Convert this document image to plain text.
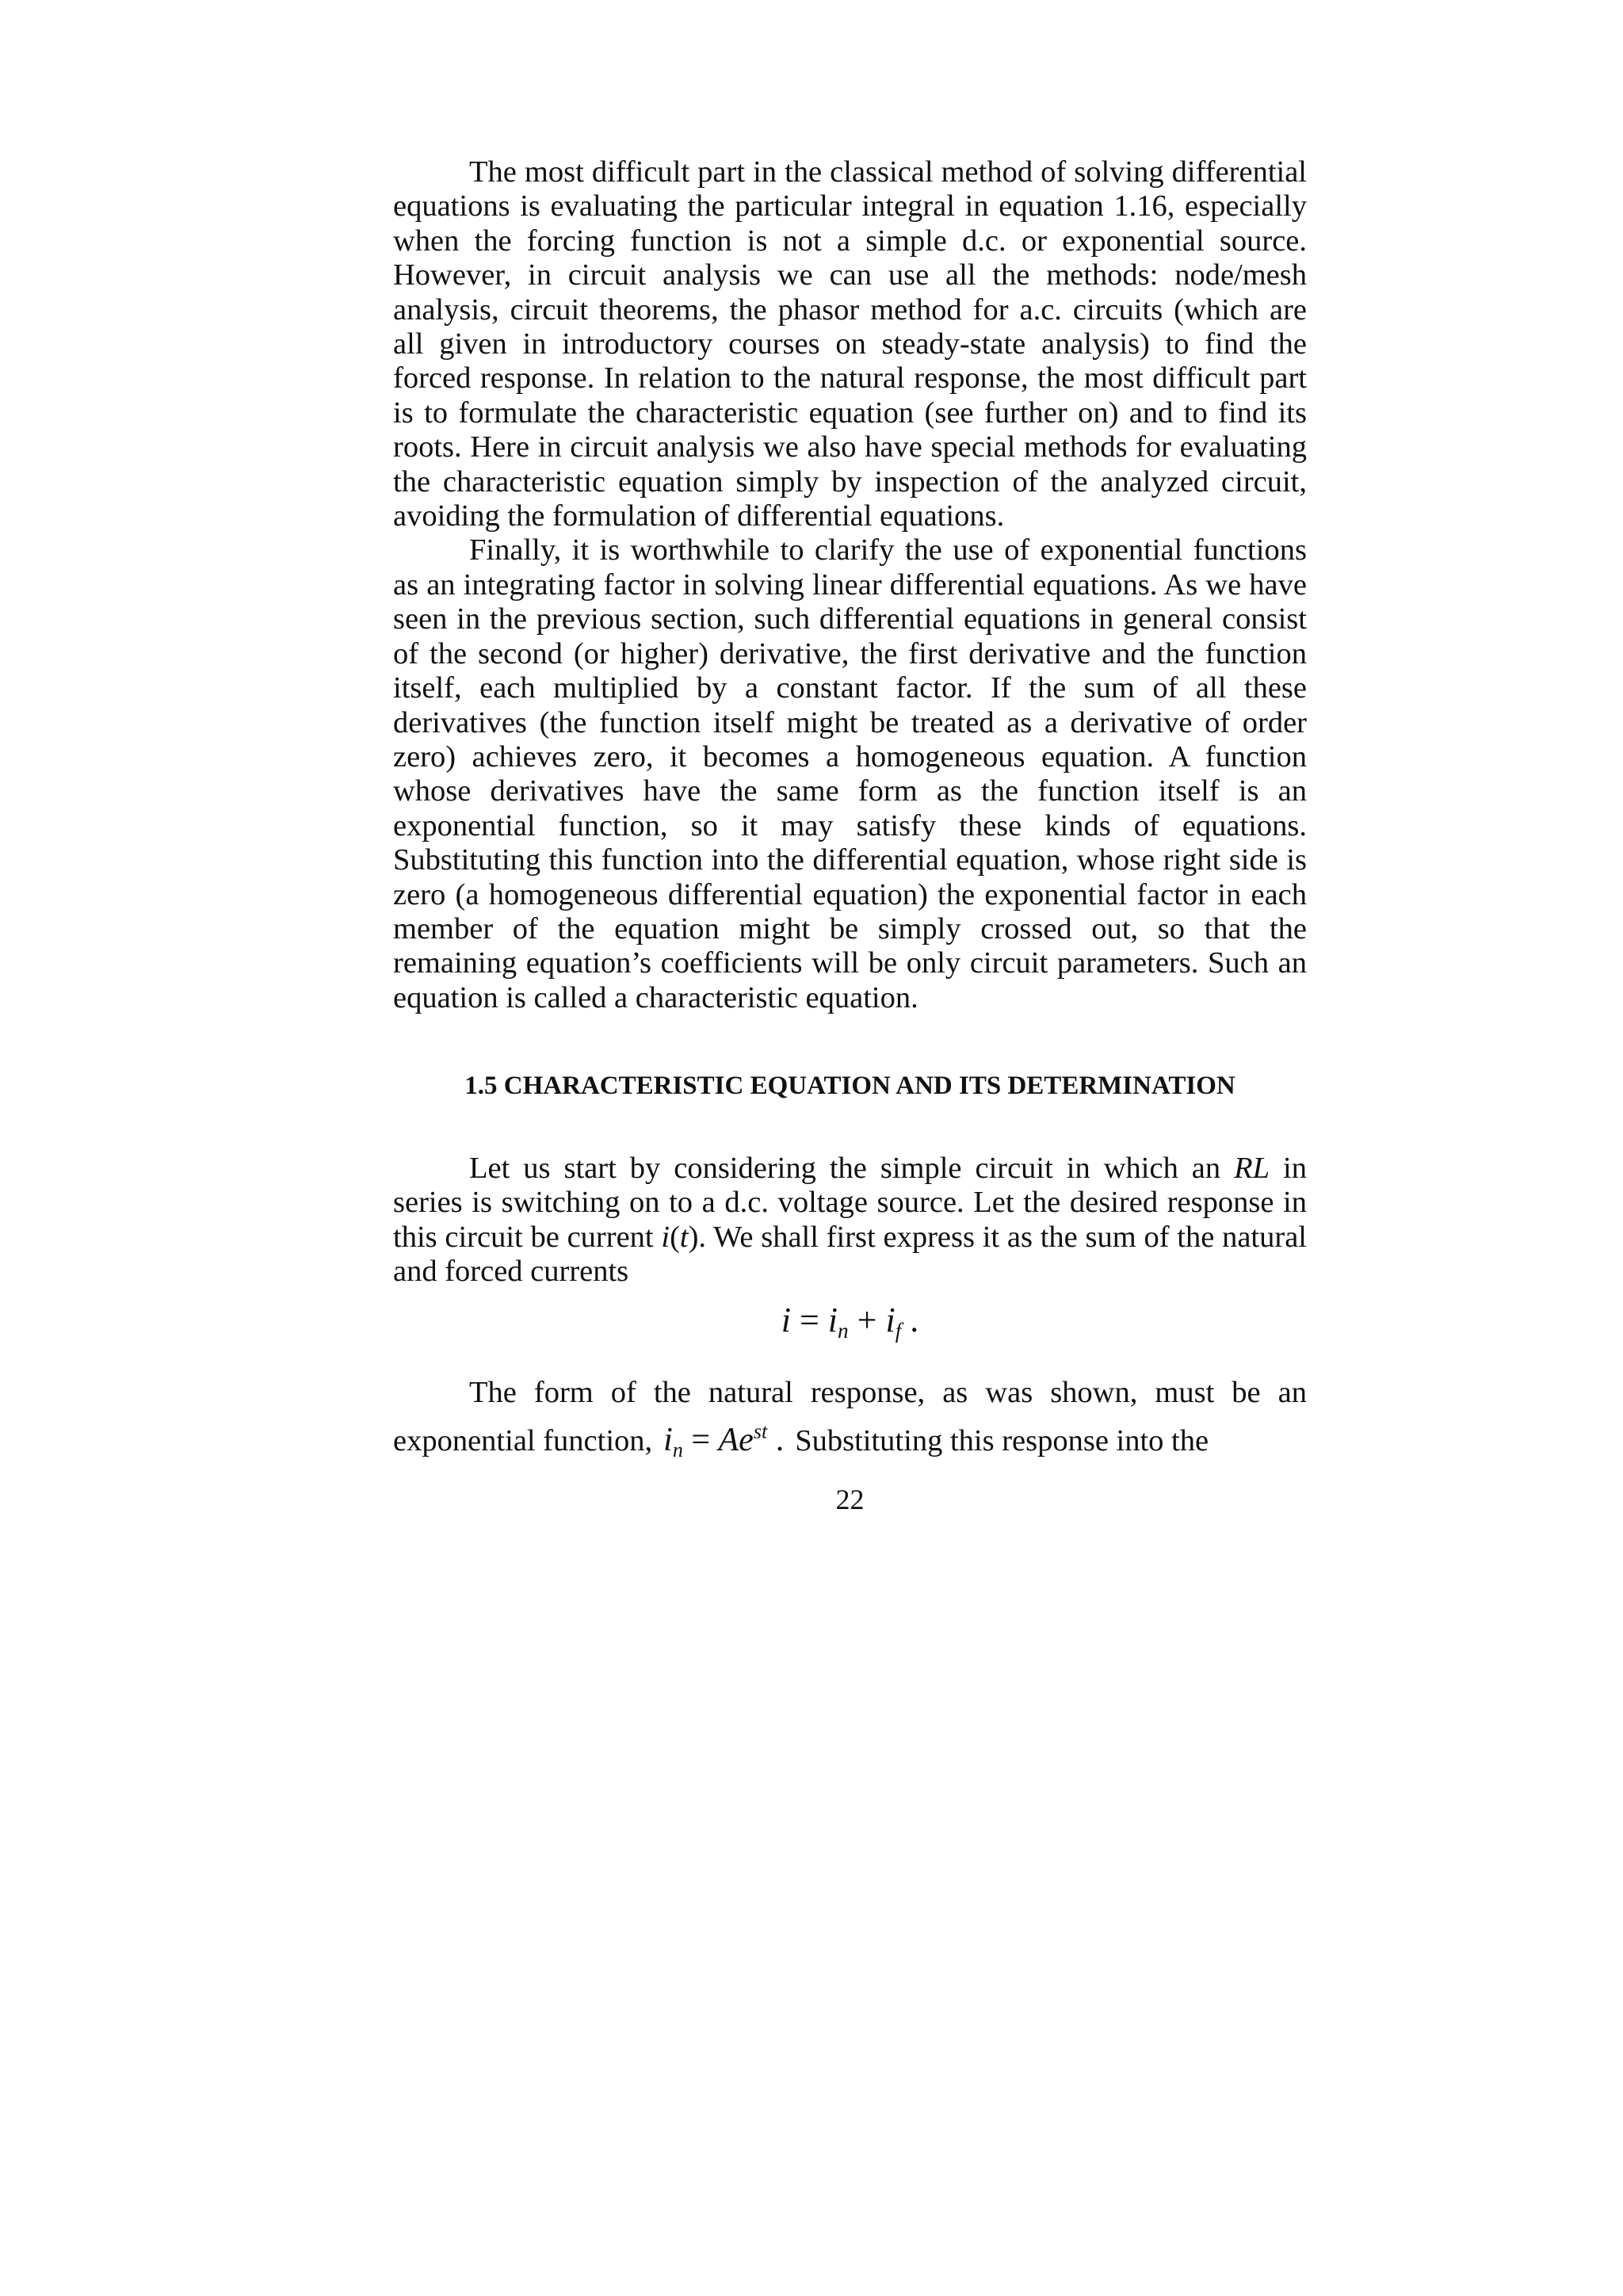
The most difficult part in the classical method of solving differential equations is evaluating the particular integral in equation 1.16, especially when the forcing function is not a simple d.c. or exponential source. However, in circuit analysis we can use all the methods: node/mesh analysis, circuit theorems, the phasor method for a.c. circuits (which are all given in introductory courses on steady-state analysis) to find the forced response. In relation to the natural response, the most difficult part is to formulate the characteristic equation (see further on) and to find its roots. Here in circuit analysis we also have special methods for evaluating the characteristic equation simply by inspection of the analyzed circuit, avoiding the formulation of differential equations.

Finally, it is worthwhile to clarify the use of exponential functions as an integrating factor in solving linear differential equations. As we have seen in the previous section, such differential equations in general consist of the second (or higher) derivative, the first derivative and the function itself, each multiplied by a constant factor. If the sum of all these derivatives (the function itself might be treated as a derivative of order zero) achieves zero, it becomes a homogeneous equation. A function whose derivatives have the same form as the function itself is an exponential function, so it may satisfy these kinds of equations. Substituting this function into the differential equation, whose right side is zero (a homogeneous differential equation) the exponential factor in each member of the equation might be simply crossed out, so that the remaining equation’s coefficients will be only circuit parameters. Such an equation is called a characteristic equation.

1.5 CHARACTERISTIC EQUATION AND ITS DETERMINATION

Let us start by considering the simple circuit in which an RL in series is switching on to a d.c. voltage source. Let the desired response in this circuit be current i(t). We shall first express it as the sum of the natural and forced currents

$i = i_n + i_f$ .

The form of the natural response, as was shown, must be an exponential function, $i_n = Ae^{st}$ . Substituting this response into the

22
